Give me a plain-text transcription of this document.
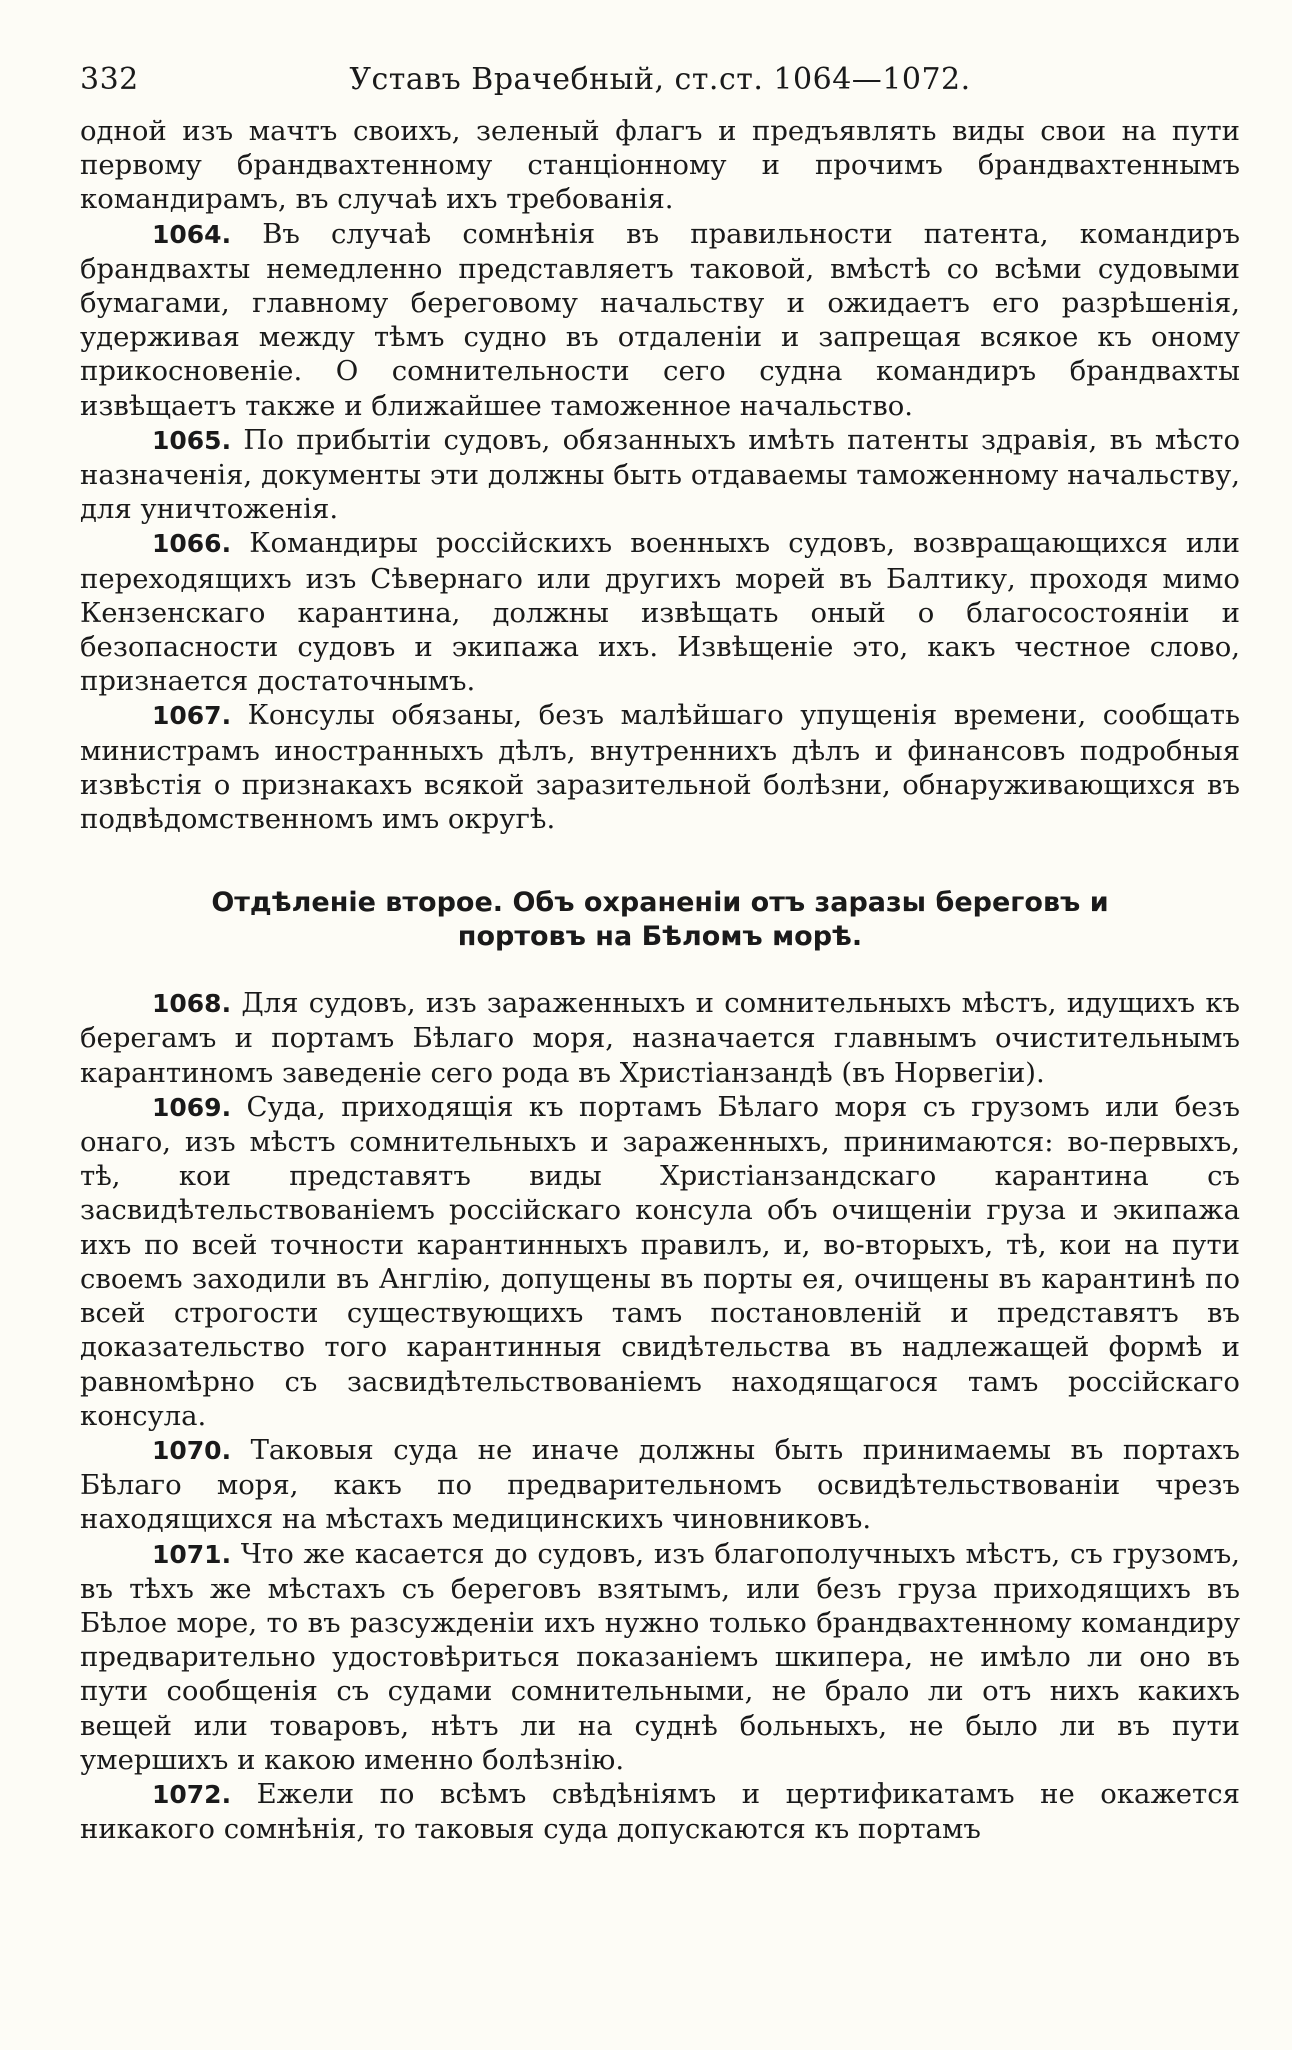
332	Уставъ Врачебный, ст.ст. 1064—1072.

одной изъ мачтъ своихъ, зеленый флагъ и предъявлять виды свои на пути первому брандвахтенному станціонному и прочимъ брандвахтеннымъ командирамъ, въ случаѣ ихъ требованія.

1064. Въ случаѣ сомнѣнія въ правильности патента, командиръ брандвахты немедленно представляетъ таковой, вмѣстѣ со всѣми судовыми бумагами, главному береговому начальству и ожидаетъ его разрѣшенія, удерживая между тѣмъ судно въ отдаленіи и запрещая всякое къ оному прикосновеніе. О сомнительности сего судна командиръ брандвахты извѣщаетъ также и ближайшее таможенное начальство.

1065. По прибытіи судовъ, обязанныхъ имѣть патенты здравія, въ мѣсто назначенія, документы эти должны быть отдаваемы таможенному начальству, для уничтоженія.

1066. Командиры россійскихъ военныхъ судовъ, возвращающихся или переходящихъ изъ Сѣвернаго или другихъ морей въ Балтику, проходя мимо Кензенскаго карантина, должны извѣщать оный о благосостояніи и безопасности судовъ и экипажа ихъ. Извѣщеніе это, какъ честное слово, признается достаточнымъ.

1067. Консулы обязаны, безъ малѣйшаго упущенія времени, сообщать министрамъ иностранныхъ дѣлъ, внутреннихъ дѣлъ и финансовъ подробныя извѣстія о признакахъ всякой заразительной болѣзни, обнаруживающихся въ подвѣдомственномъ имъ округѣ.

Отдѣленіе второе. Объ охраненіи отъ заразы береговъ и
портовъ на Бѣломъ морѣ.

1068. Для судовъ, изъ зараженныхъ и сомнительныхъ мѣстъ, идущихъ къ берегамъ и портамъ Бѣлаго моря, назначается главнымъ очистительнымъ карантиномъ заведеніе сего рода въ Христіанзандѣ (въ Норвегіи).

1069. Суда, приходящія къ портамъ Бѣлаго моря съ грузомъ или безъ онаго, изъ мѣстъ сомнительныхъ и зараженныхъ, принимаются: во-первыхъ, тѣ, кои представятъ виды Христіанзандскаго карантина съ засвидѣтельствованіемъ россійскаго консула объ очищеніи груза и экипажа ихъ по всей точности карантинныхъ правилъ, и, во-вторыхъ, тѣ, кои на пути своемъ заходили въ Англію, допущены въ порты ея, очищены въ карантинѣ по всей строгости существующихъ тамъ постановленій и представятъ въ доказательство того карантинныя свидѣтельства въ надлежащей формѣ и равномѣрно съ засвидѣтельствованіемъ находящагося тамъ россійскаго консула.

1070. Таковыя суда не иначе должны быть принимаемы въ портахъ Бѣлаго моря, какъ по предварительномъ освидѣтельствованіи чрезъ находящихся на мѣстахъ медицинскихъ чиновниковъ.

1071. Что же касается до судовъ, изъ благополучныхъ мѣстъ, съ грузомъ, въ тѣхъ же мѣстахъ съ береговъ взятымъ, или безъ груза приходящихъ въ Бѣлое море, то въ разсужденіи ихъ нужно только брандвахтенному командиру предварительно удостовѣриться показаніемъ шкипера, не имѣло ли оно въ пути сообщенія съ судами сомнительными, не брало ли отъ нихъ какихъ вещей или товаровъ, нѣтъ ли на суднѣ больныхъ, не было ли въ пути умершихъ и какою именно болѣзнію.

1072. Ежели по всѣмъ свѣдѣніямъ и цертификатамъ не окажется никакого сомнѣнія, то таковыя суда допускаются къ портамъ
